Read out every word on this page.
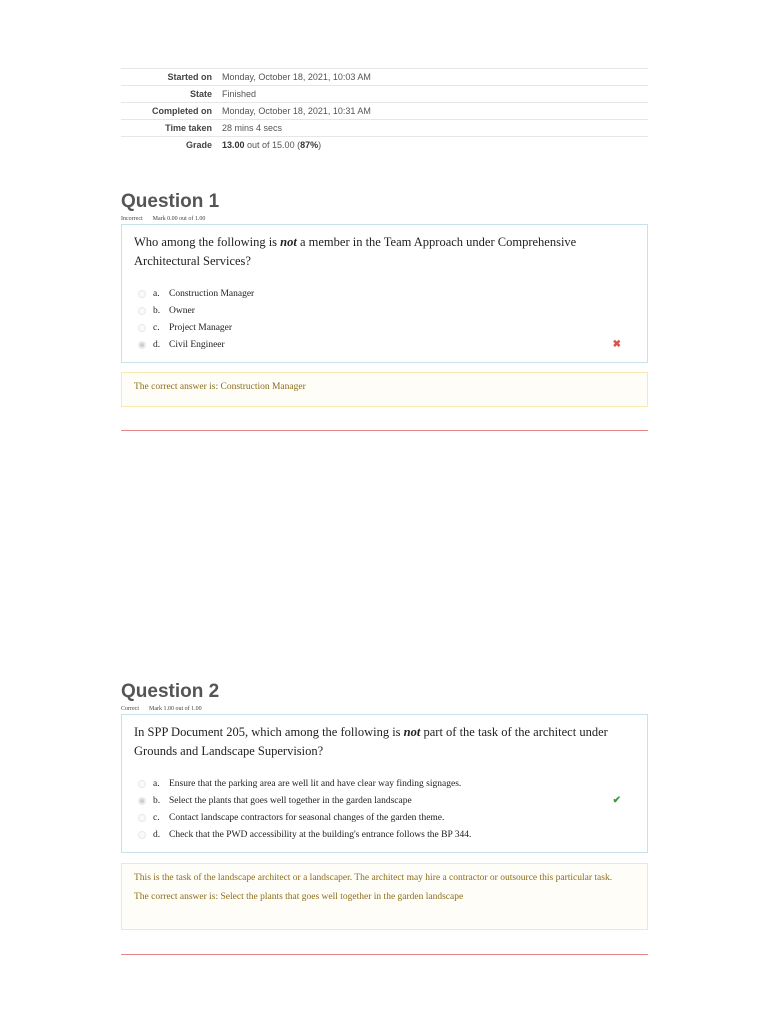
Started on	Monday, October 18, 2021, 10:03 AM
State	Finished
Completed on	Monday, October 18, 2021, 10:31 AM
Time taken	28 mins 4 secs
Grade	13.00 out of 15.00 (87%)
Question 1
Incorrect Mark 0.00 out of 1.00

Who among the following is not a member in the Team Approach under Comprehensive Architectural Services?

a. Construction Manager
b. Owner
c. Project Manager
d. Civil Engineer	✖

The correct answer is: Construction Manager

Question 2
Correct Mark 1.00 out of 1.00

In SPP Document 205, which among the following is not part of the task of the architect under Grounds and Landscape Supervision?

a. Ensure that the parking area are well lit and have clear way finding signages.
b. Select the plants that goes well together in the garden landscape	✔
c. Contact landscape contractors for seasonal changes of the garden theme.
d. Check that the PWD accessibility at the building's entrance follows the BP 344.

This is the task of the landscape architect or a landscaper. The architect may hire a contractor or outsource this particular task.

The correct answer is: Select the plants that goes well together in the garden landscape
